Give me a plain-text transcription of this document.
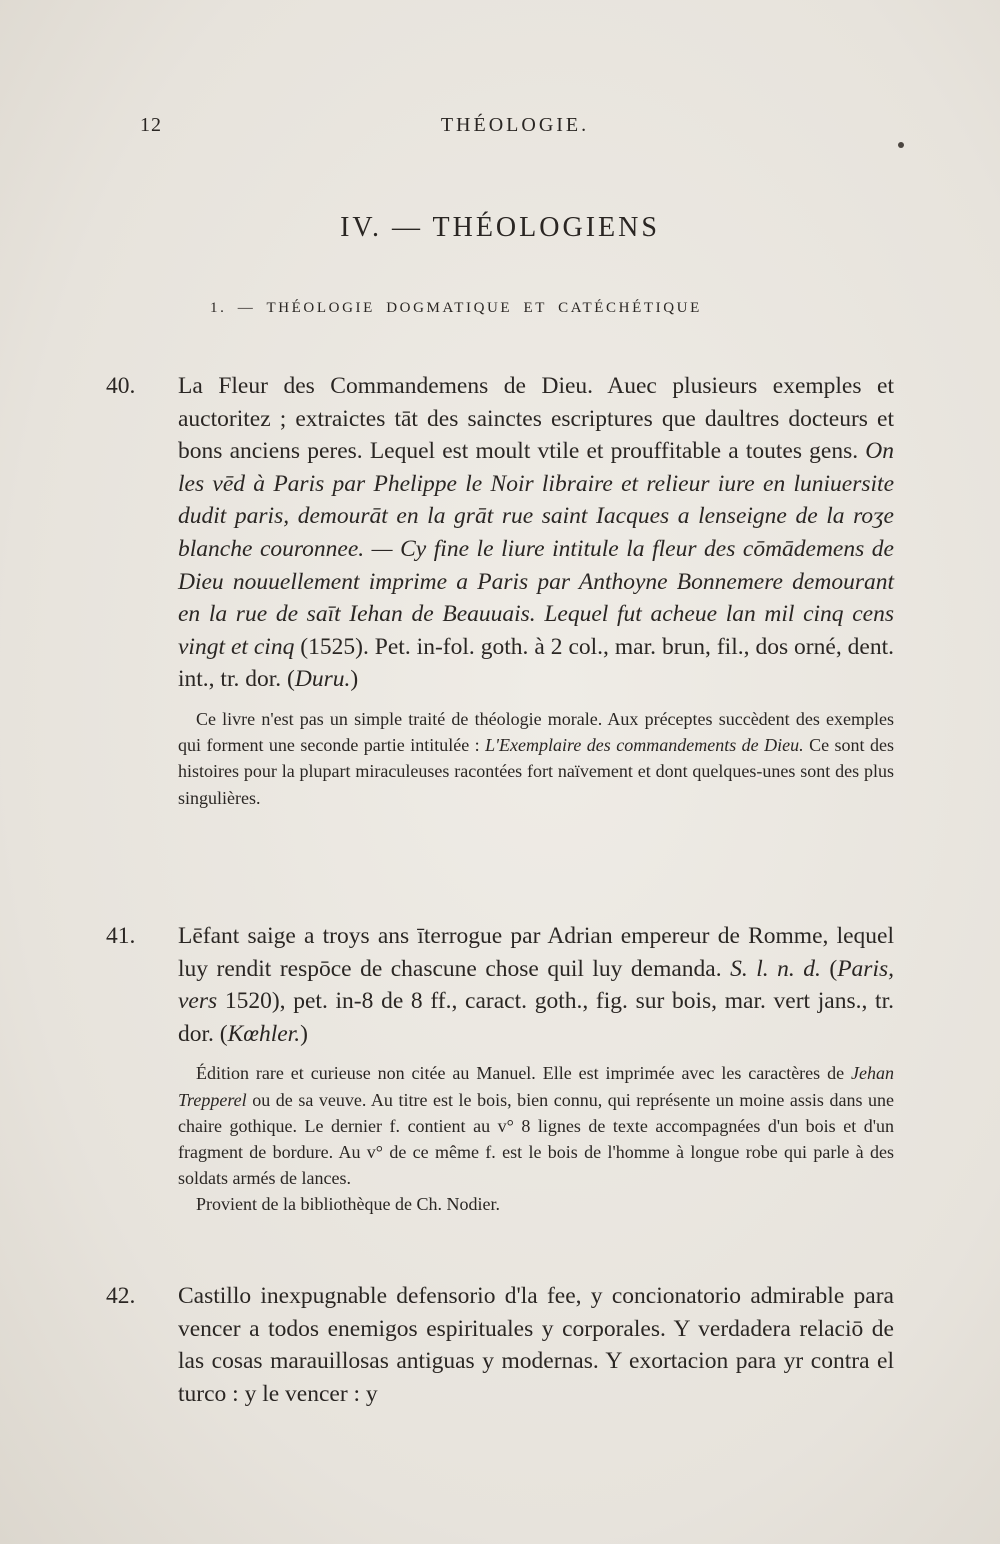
12	THÉOLOGIE.
IV. — THÉOLOGIENS
1. — THÉOLOGIE DOGMATIQUE ET CATÉCHÉTIQUE
40. La Fleur des Commandemens de Dieu. Auec plusieurs exemples et auctoritez ; extraictes tāt des sainctes escriptures que daultres docteurs et bons anciens peres. Lequel est moult vtile et prouffitable a toutes gens. On les vēd à Paris par Phelippe le Noir libraire et relieur iure en luniuersite dudit paris, demourāt en la grāt rue saint Iacques a lenseigne de la roʒe blanche couronnee. — Cy fine le liure intitule la fleur des cōmādemens de Dieu nouuellement imprime a Paris par Anthoyne Bonnemere demourant en la rue de saīt Iehan de Beauuais. Lequel fut acheue lan mil cinq cens vingt et cinq (1525). Pet. in-fol. goth. à 2 col., mar. brun, fil., dos orné, dent. int., tr. dor. (Duru.)

Ce livre n'est pas un simple traité de théologie morale. Aux préceptes succèdent des exemples qui forment une seconde partie intitulée : L'Exemplaire des commandements de Dieu. Ce sont des histoires pour la plupart miraculeuses racontées fort naïvement et dont quelques-unes sont des plus singulières.

41. Lēfant saige a troys ans īterrogue par Adrian empereur de Romme, lequel luy rendit respōce de chascune chose quil luy demanda. S. l. n. d. (Paris, vers 1520), pet. in-8 de 8 ff., caract. goth., fig. sur bois, mar. vert jans., tr. dor. (Kœhler.)

Édition rare et curieuse non citée au Manuel. Elle est imprimée avec les caractères de Jehan Trepperel ou de sa veuve. Au titre est le bois, bien connu, qui représente un moine assis dans une chaire gothique. Le dernier f. contient au v° 8 lignes de texte accompagnées d'un bois et d'un fragment de bordure. Au v° de ce même f. est le bois de l'homme à longue robe qui parle à des soldats armés de lances.

Provient de la bibliothèque de Ch. Nodier.

42. Castillo inexpugnable defensorio d'la fee, y concionatorio admirable para vencer a todos enemigos espirituales y corporales. Y verdadera relaciō de las cosas marauillosas antiguas y modernas. Y exortacion para yr contra el turco : y le vencer : y
